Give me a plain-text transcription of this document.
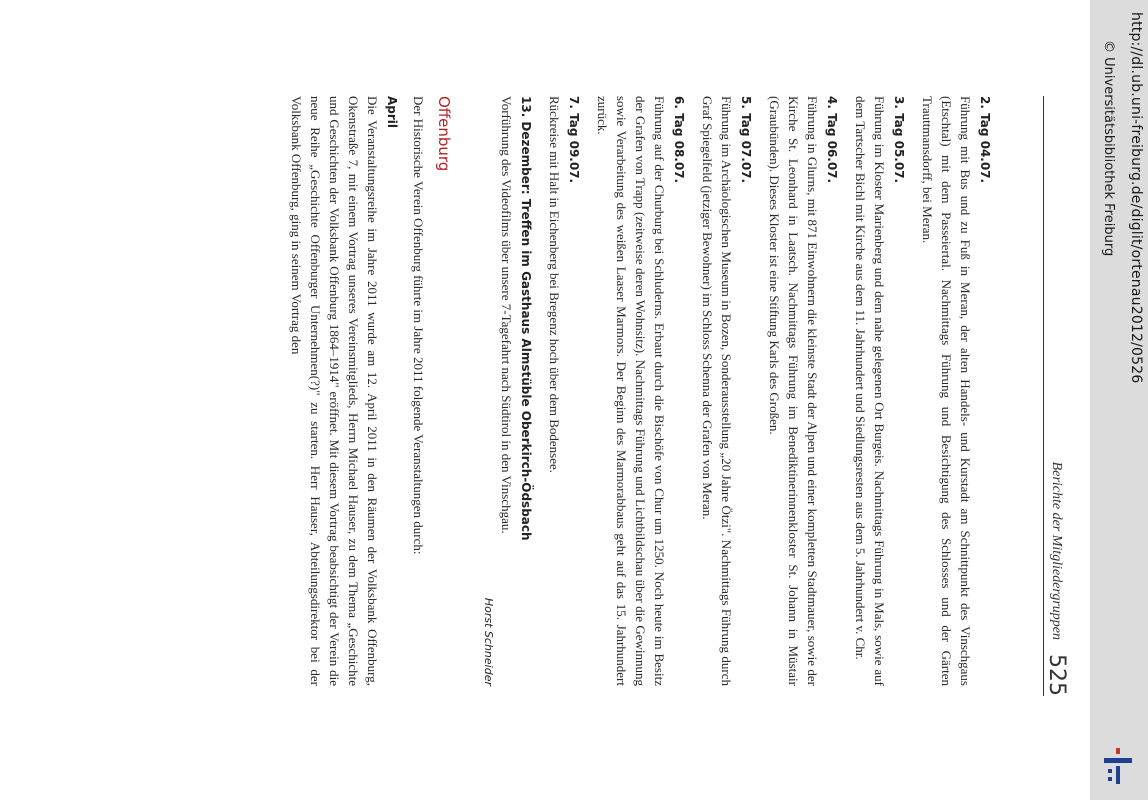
Berichte der Mitgliedergruppen
525
2. Tag 04.07.
Führung mit Bus und zu Fuß in Meran, der alten Handels- und Kurstadt am Schnittpunkt des Vinschgaus (Etschtal) mit dem Passeiertal. Nachmittags Führung und Besichtigung des Schlosses und der Gärten Trauttmansdorff, bei Meran.
3. Tag 05.07.
Führung im Kloster Marienberg und dem nahe gelegenen Ort Burgeis. Nachmittags Führung in Mals, sowie auf dem Tartscher Bichl mit Kirche aus dem 11. Jahrhundert und Siedlungsresten aus dem 5. Jahrhundert v. Chr.
4. Tag 06.07.
Führung in Glurns, mit 871 Einwohnern die kleinste Stadt der Alpen und einer kompletten Stadtmauer, sowie der Kirche St. Leonhard in Laatsch. Nachmittags Führung im Benediktinerinnenkloster St. Johann in Müstair (Graubünden). Dieses Kloster ist eine Stiftung Karls des Großen.
5. Tag 07.07.
Führung im Archäologischen Museum in Bozen, Sonderausstellung „20 Jahre Ötzi". Nachmittags Führung durch Graf Spiegelfeld (jetziger Bewohner) im Schloss Schenna der Grafen von Meran.
6. Tag 08.07.
Führung auf der Churburg bei Schluderns. Erbaut durch die Bischöfe von Chur um 1250. Noch heute im Besitz der Grafen von Trapp (zeitweise deren Wohnsitz). Nachmittags Führung und Lichtbildschau über die Gewinnung sowie Verarbeitung des weißen Laaser Marmors. Der Beginn des Marmorabbaus geht auf das 15. Jahrhundert zurück.
7. Tag 09.07.
Rückreise mit Halt in Eichenberg bei Bregenz hoch über dem Bodensee.
13. Dezember: Treffen im Gasthaus Almstüble Oberkirch-Ödsbach
Vorführung des Videofilms über unsere 7-Tagefahrt nach Südtirol in den Vinschgau.
Horst Schneider
Offenburg
Der Historische Verein Offenburg führte im Jahre 2011 folgende Veranstaltungen durch:
April
Die Veranstaltungsreihe im Jahre 2011 wurde am 12. April 2011 in den Räumen der Volksbank Offenburg, Okenstraße 7, mit einem Vortrag unseres Vereinsmitglieds, Herrn Michael Hauser, zu dem Thema „Geschichte und Geschichten der Volksbank Offenburg 1864–1914" eröffnet. Mit diesem Vortrag beabsichtigt der Verein die neue Reihe „Geschichte Offenburger Unternehmen(?)" zu starten. Herr Hauser, Abteilungsdirektor bei der Volksbank Offenburg, ging in seinem Vortrag den	http://dl.ub.uni-freiburg.de/diglit/ortenau2012/0526
© Universitätsbibliothek Freiburg
